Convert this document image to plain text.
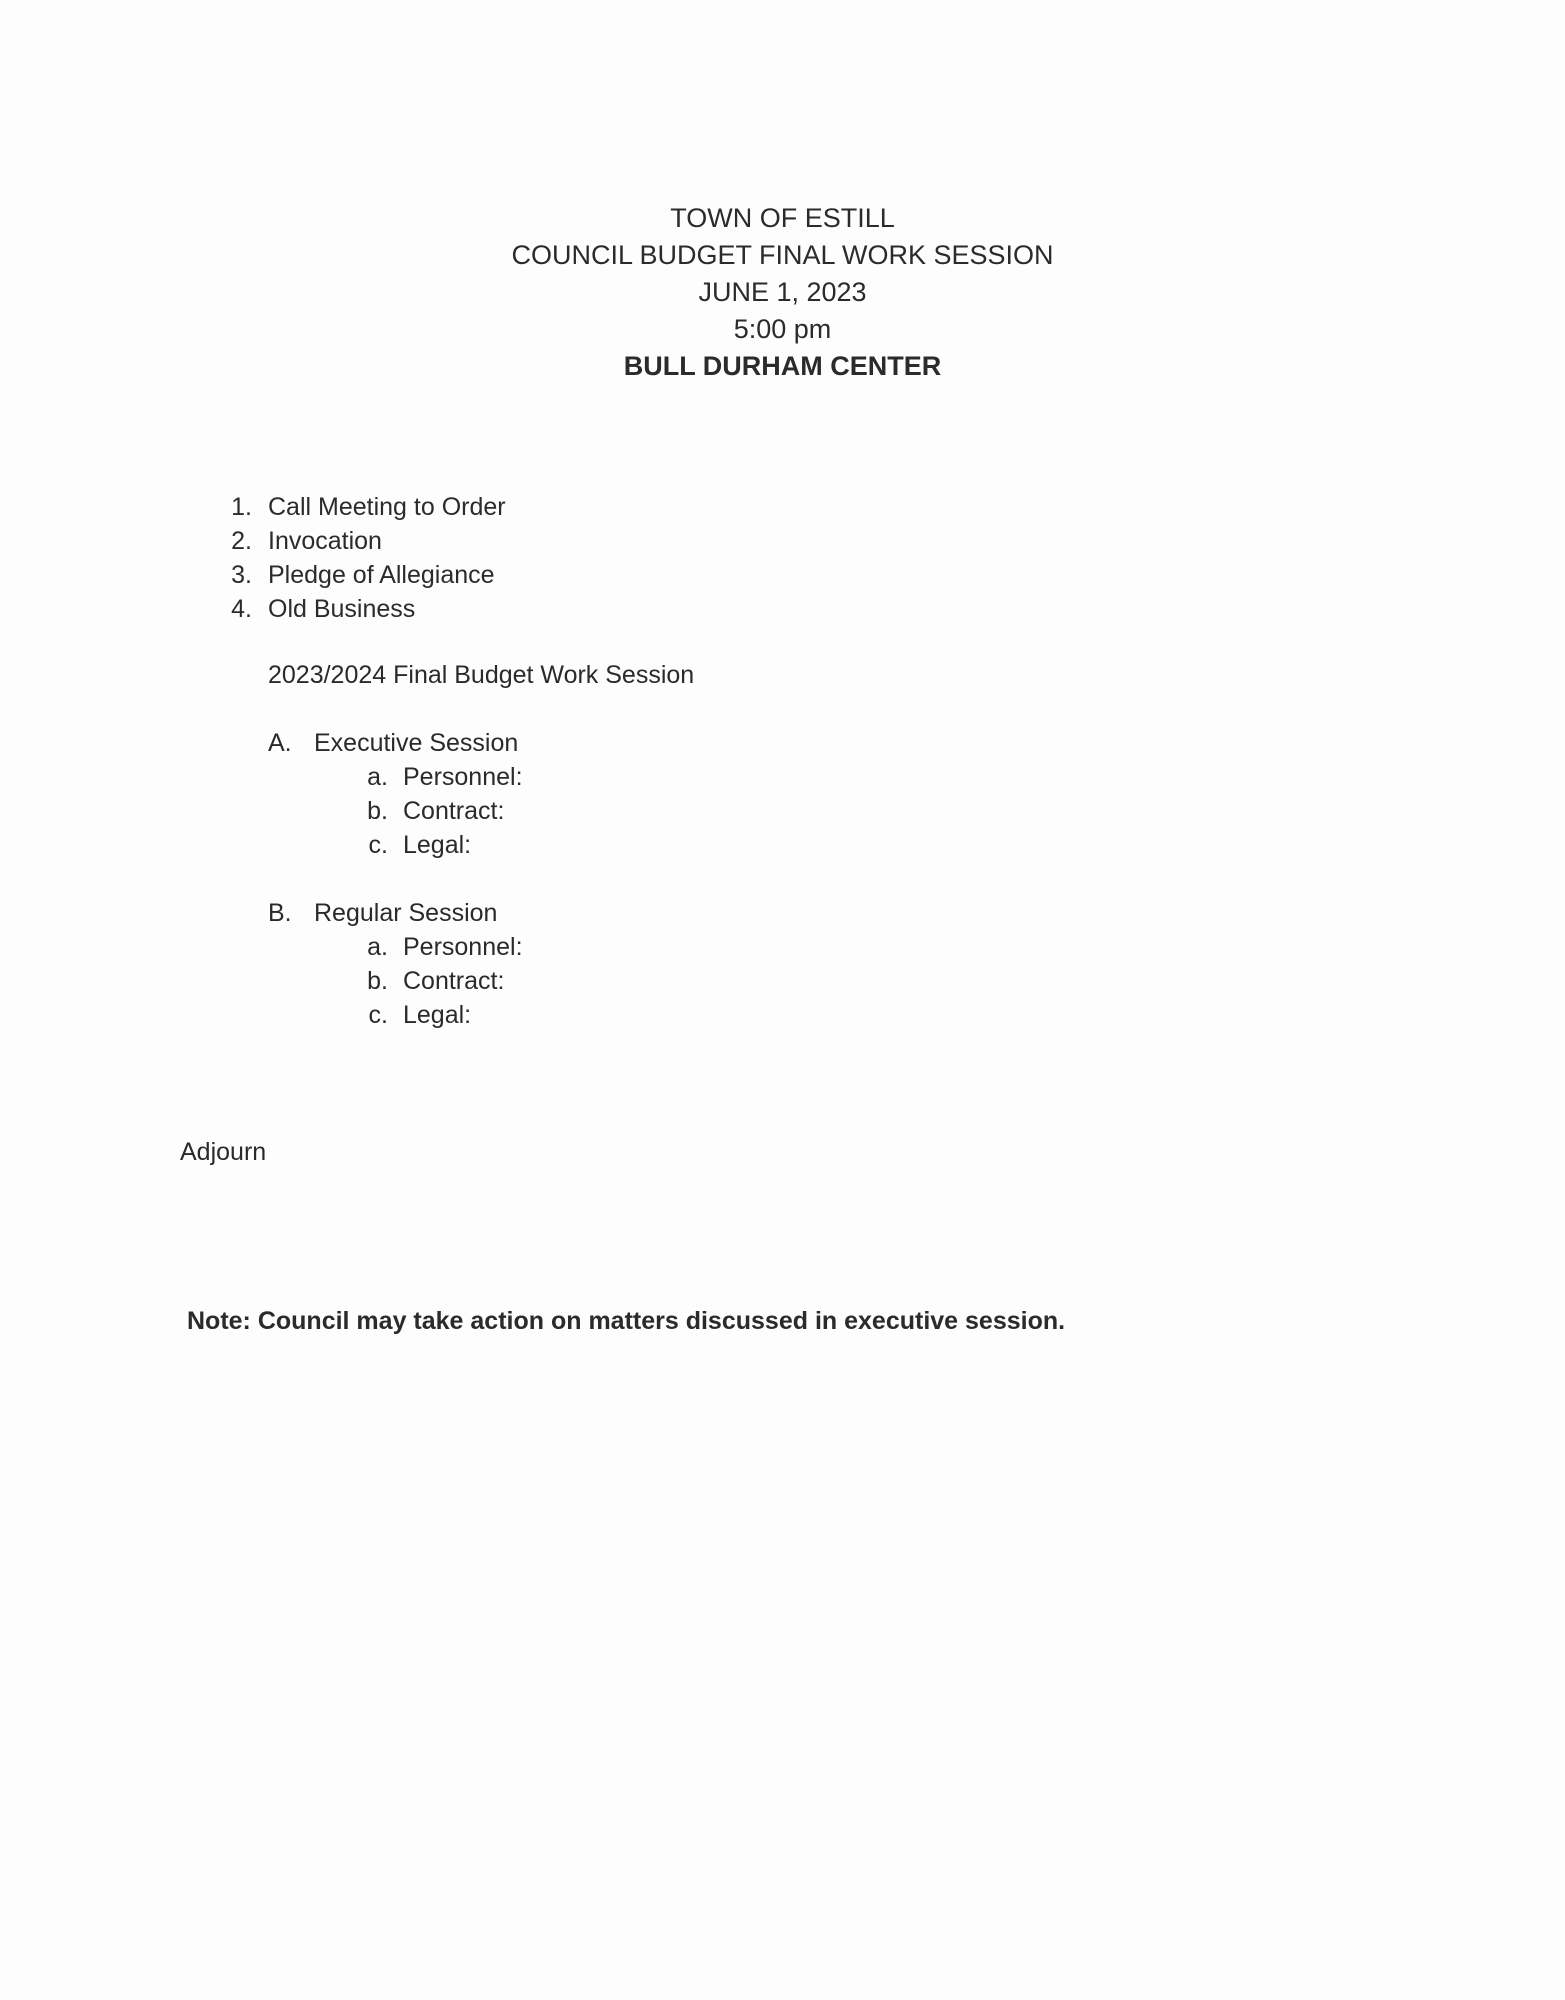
TOWN OF ESTILL
COUNCIL BUDGET FINAL WORK SESSION
JUNE 1, 2023
5:00 pm
BULL DURHAM CENTER
1. Call Meeting to Order
2. Invocation
3. Pledge of Allegiance
4. Old Business
2023/2024 Final Budget Work Session
A. Executive Session
a. Personnel:
b. Contract:
c. Legal:
B. Regular Session
a. Personnel:
b. Contract:
c. Legal:
Adjourn
Note: Council may take action on matters discussed in executive session.
